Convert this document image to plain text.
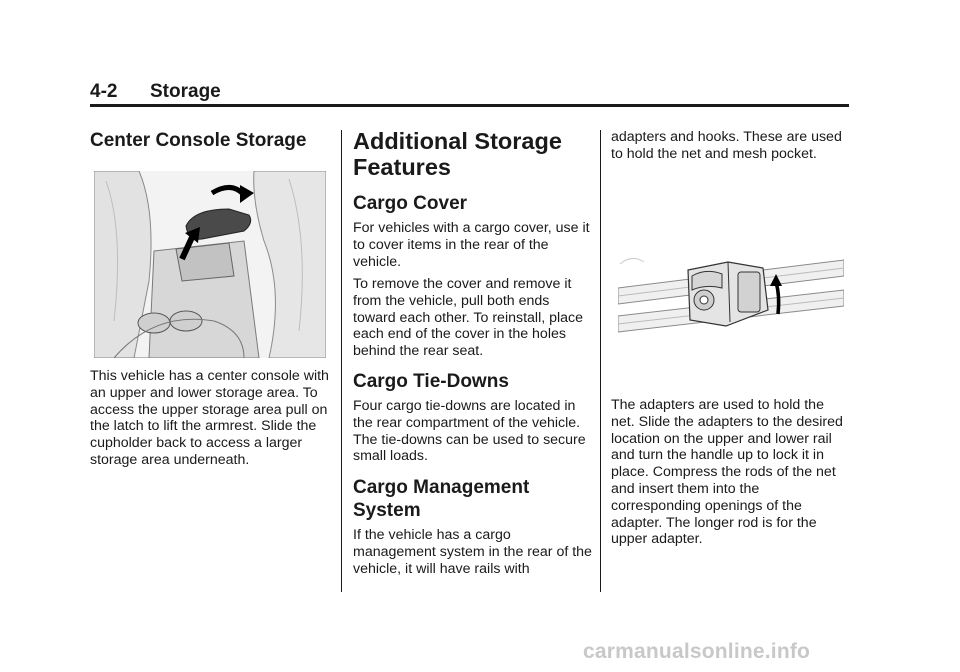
4-2 Storage
Center Console Storage
This vehicle has a center console with an upper and lower storage area. To access the upper storage area pull on the latch to lift the armrest. Slide the cupholder back to access a larger storage area underneath.
Additional Storage
Features
Cargo Cover
For vehicles with a cargo cover, use it to cover items in the rear of the vehicle.
To remove the cover and remove it from the vehicle, pull both ends toward each other. To reinstall, place each end of the cover in the holes behind the rear seat.
Cargo Tie-Downs
Four cargo tie-downs are located in the rear compartment of the vehicle. The tie-downs can be used to secure small loads.
Cargo Management
System
If the vehicle has a cargo management system in the rear of the vehicle, it will have rails with
adapters and hooks. These are used to hold the net and mesh pocket.
The adapters are used to hold the net. Slide the adapters to the desired location on the upper and lower rail and turn the handle up to lock it in place. Compress the rods of the net and insert them into the corresponding openings of the adapter. The longer rod is for the upper adapter.
carmanualsonline.info
